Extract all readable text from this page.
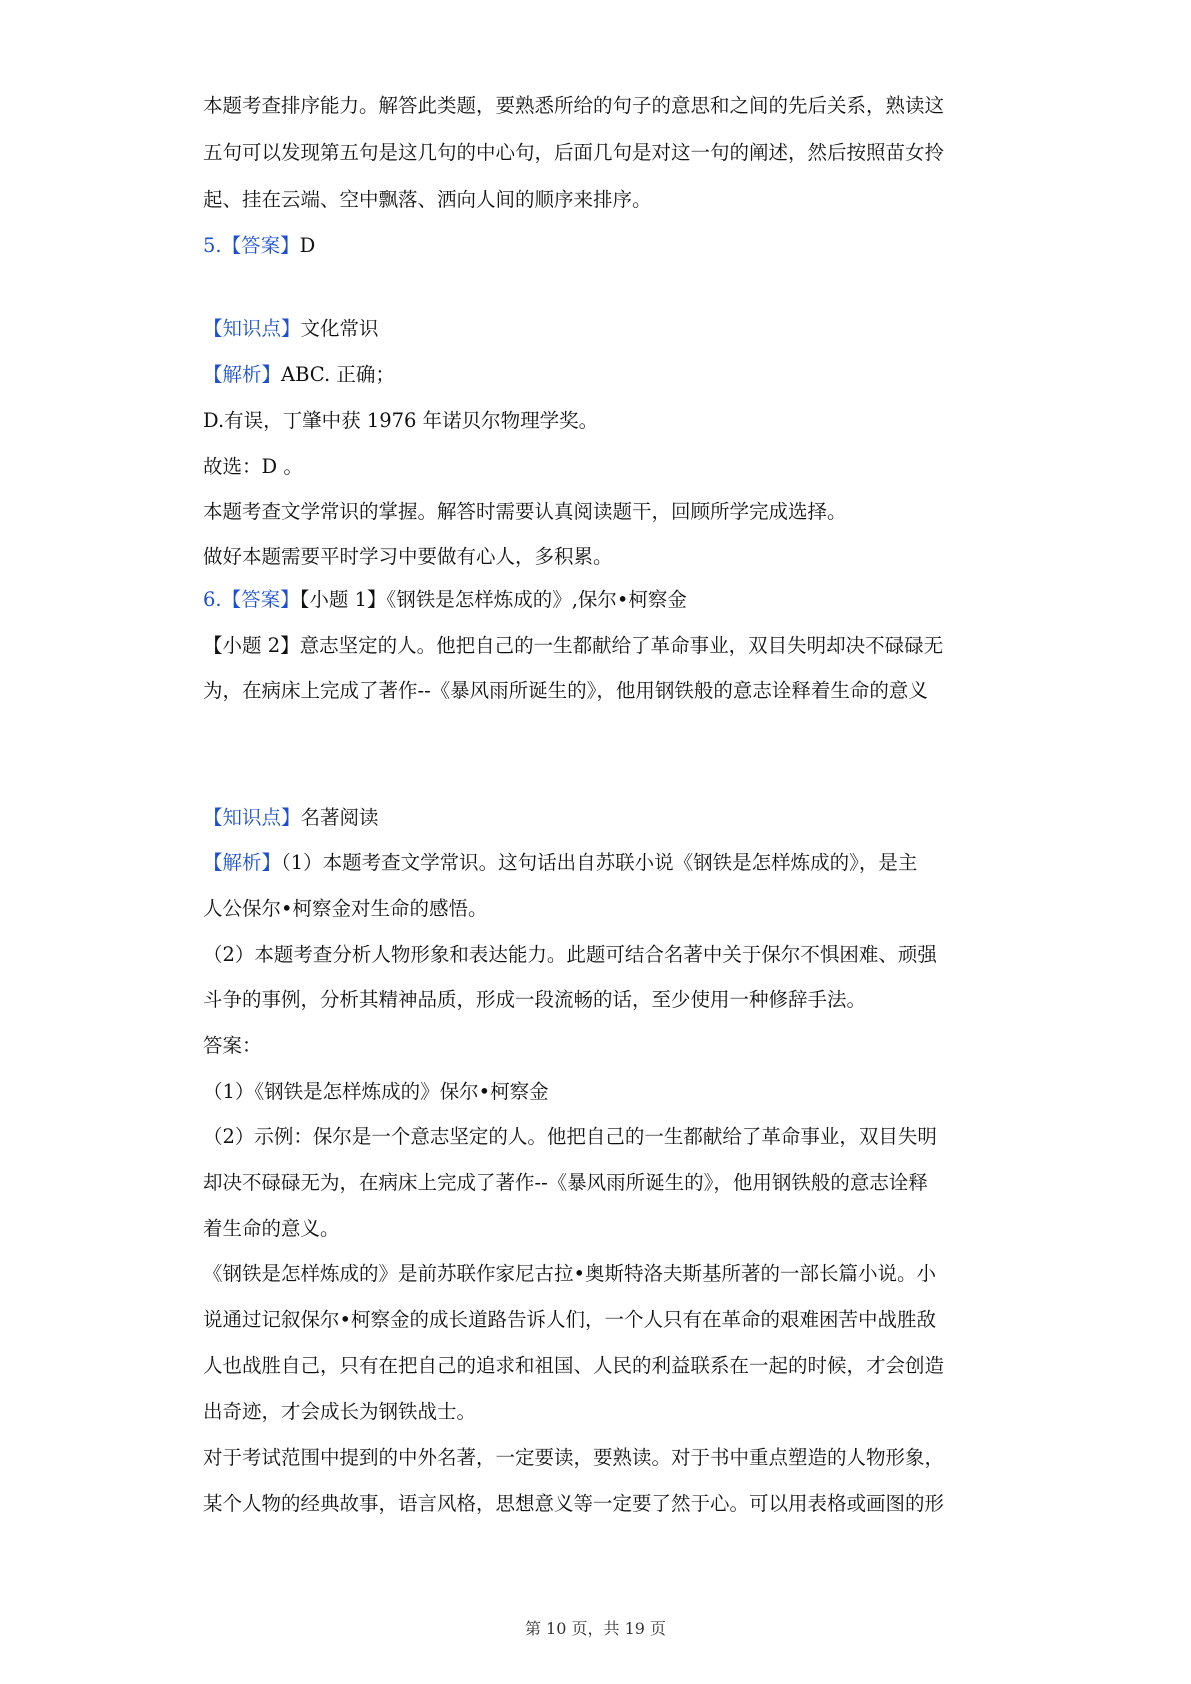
本题考查排序能力。解答此类题，要熟悉所给的句子的意思和之间的先后关系，熟读这
五句可以发现第五句是这几句的中心句，后面几句是对这一句的阐述，然后按照苗女拎
起、挂在云端、空中飘落、洒向人间的顺序来排序。
5.【答案】D
【知识点】文化常识
【解析】ABC. 正确；
D.有误，丁肇中获 1976 年诺贝尔物理学奖。
故选：D 。
本题考查文学常识的掌握。解答时需要认真阅读题干，回顾所学完成选择。
做好本题需要平时学习中要做有心人，多积累。
6.【答案】【小题 1】《钢铁是怎样炼成的》,保尔•柯察金
【小题 2】意志坚定的人。他把自己的一生都献给了革命事业，双目失明却决不碌碌无
为，在病床上完成了著作--《暴风雨所诞生的》，他用钢铁般的意志诠释着生命的意义
【知识点】名著阅读
【解析】（1）本题考查文学常识。这句话出自苏联小说《钢铁是怎样炼成的》，是主
人公保尔•柯察金对生命的感悟。
（2）本题考查分析人物形象和表达能力。此题可结合名著中关于保尔不惧困难、顽强
斗争的事例，分析其精神品质，形成一段流畅的话，至少使用一种修辞手法。
答案：
（1）《钢铁是怎样炼成的》保尔•柯察金
（2）示例：保尔是一个意志坚定的人。他把自己的一生都献给了革命事业，双目失明
却决不碌碌无为，在病床上完成了著作--《暴风雨所诞生的》，他用钢铁般的意志诠释
着生命的意义。
《钢铁是怎样炼成的》是前苏联作家尼古拉•奥斯特洛夫斯基所著的一部长篇小说。小
说通过记叙保尔•柯察金的成长道路告诉人们，一个人只有在革命的艰难困苦中战胜敌
人也战胜自己，只有在把自己的追求和祖国、人民的利益联系在一起的时候，才会创造
出奇迹，才会成长为钢铁战士。
对于考试范围中提到的中外名著，一定要读，要熟读。对于书中重点塑造的人物形象，
某个人物的经典故事，语言风格，思想意义等一定要了然于心。可以用表格或画图的形
第 10 页，共 19 页
